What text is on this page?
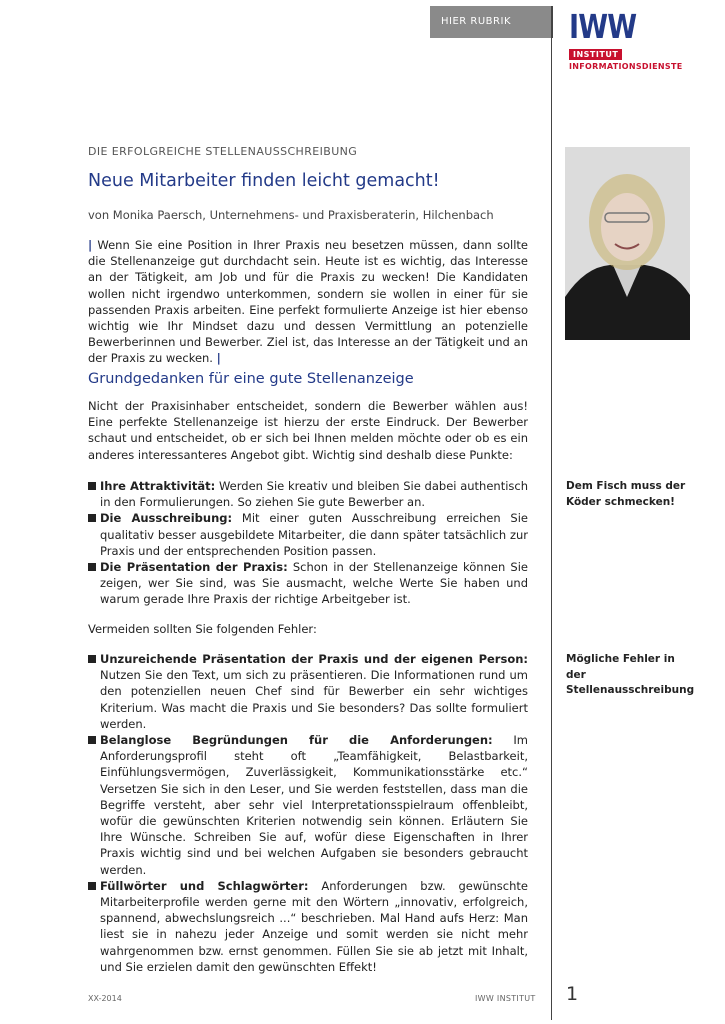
HIER RUBRIK	IWW
INSTITUT
INFORMATIONSDIENSTE
DIE ERFOLGREICHE STELLENAUSSCHREIBUNG
Neue Mitarbeiter finden leicht gemacht!
von Monika Paersch, Unternehmens- und Praxisberaterin, Hilchenbach
| Wenn Sie eine Position in Ihrer Praxis neu besetzen müssen, dann sollte die Stellenanzeige gut durchdacht sein. Heute ist es wichtig, das Interesse an der Tätigkeit, am Job und für die Praxis zu wecken! Die Kandidaten wollen nicht irgendwo unterkommen, sondern sie wollen in einer für sie passenden Praxis arbeiten. Eine perfekt formulierte Anzeige ist hier ebenso wichtig wie Ihr Mindset dazu und dessen Vermittlung an potenzielle Bewerberinnen und Bewerber. Ziel ist, das Interesse an der Tätigkeit und an der Praxis zu wecken. |
Grundgedanken für eine gute Stellenanzeige
Nicht der Praxisinhaber entscheidet, sondern die Bewerber wählen aus! Eine perfekte Stellenanzeige ist hierzu der erste Eindruck. Der Bewerber schaut und entscheidet, ob er sich bei Ihnen melden möchte oder ob es ein anderes interessanteres Angebot gibt. Wichtig sind deshalb diese Punkte:
Ihre Attraktivität: Werden Sie kreativ und bleiben Sie dabei authentisch in den Formulierungen. So ziehen Sie gute Bewerber an.
Die Ausschreibung: Mit einer guten Ausschreibung erreichen Sie qualitativ besser ausgebildete Mitarbeiter, die dann später tatsächlich zur Praxis und der entsprechenden Position passen.
Die Präsentation der Praxis: Schon in der Stellenanzeige können Sie zeigen, wer Sie sind, was Sie ausmacht, welche Werte Sie haben und warum gerade Ihre Praxis der richtige Arbeitgeber ist.
Vermeiden sollten Sie folgenden Fehler:
Unzureichende Präsentation der Praxis und der eigenen Person: Nutzen Sie den Text, um sich zu präsentieren. Die Informationen rund um den potenziellen neuen Chef sind für Bewerber ein sehr wichtiges Kriterium. Was macht die Praxis und Sie besonders? Das sollte formuliert werden.
Belanglose Begründungen für die Anforderungen: Im Anforderungsprofil steht oft „Teamfähigkeit, Belastbarkeit, Einfühlungsvermögen, Zuverlässigkeit, Kommunikationsstärke etc.“ Versetzen Sie sich in den Leser, und Sie werden feststellen, dass man die Begriffe versteht, aber sehr viel Interpretationsspielraum offenbleibt, wofür die gewünschten Kriterien notwendig sein können. Erläutern Sie Ihre Wünsche. Schreiben Sie auf, wofür diese Eigenschaften in Ihrer Praxis wichtig sind und bei welchen Aufgaben sie besonders gebraucht werden.
Füllwörter und Schlagwörter: Anforderungen bzw. gewünschte Mitarbeiterprofile werden gerne mit den Wörtern „innovativ, erfolgreich, spannend, abwechslungsreich ...“ beschrieben. Mal Hand aufs Herz: Man liest sie in nahezu jeder Anzeige und somit werden sie nicht mehr wahrgenommen bzw. ernst genommen. Füllen Sie sie ab jetzt mit Inhalt, und Sie erzielen damit den gewünschten Effekt!
Dem Fisch muss der Köder schmecken!
Mögliche Fehler in der Stellenausschreibung
XX-2014	IWW INSTITUT 1
